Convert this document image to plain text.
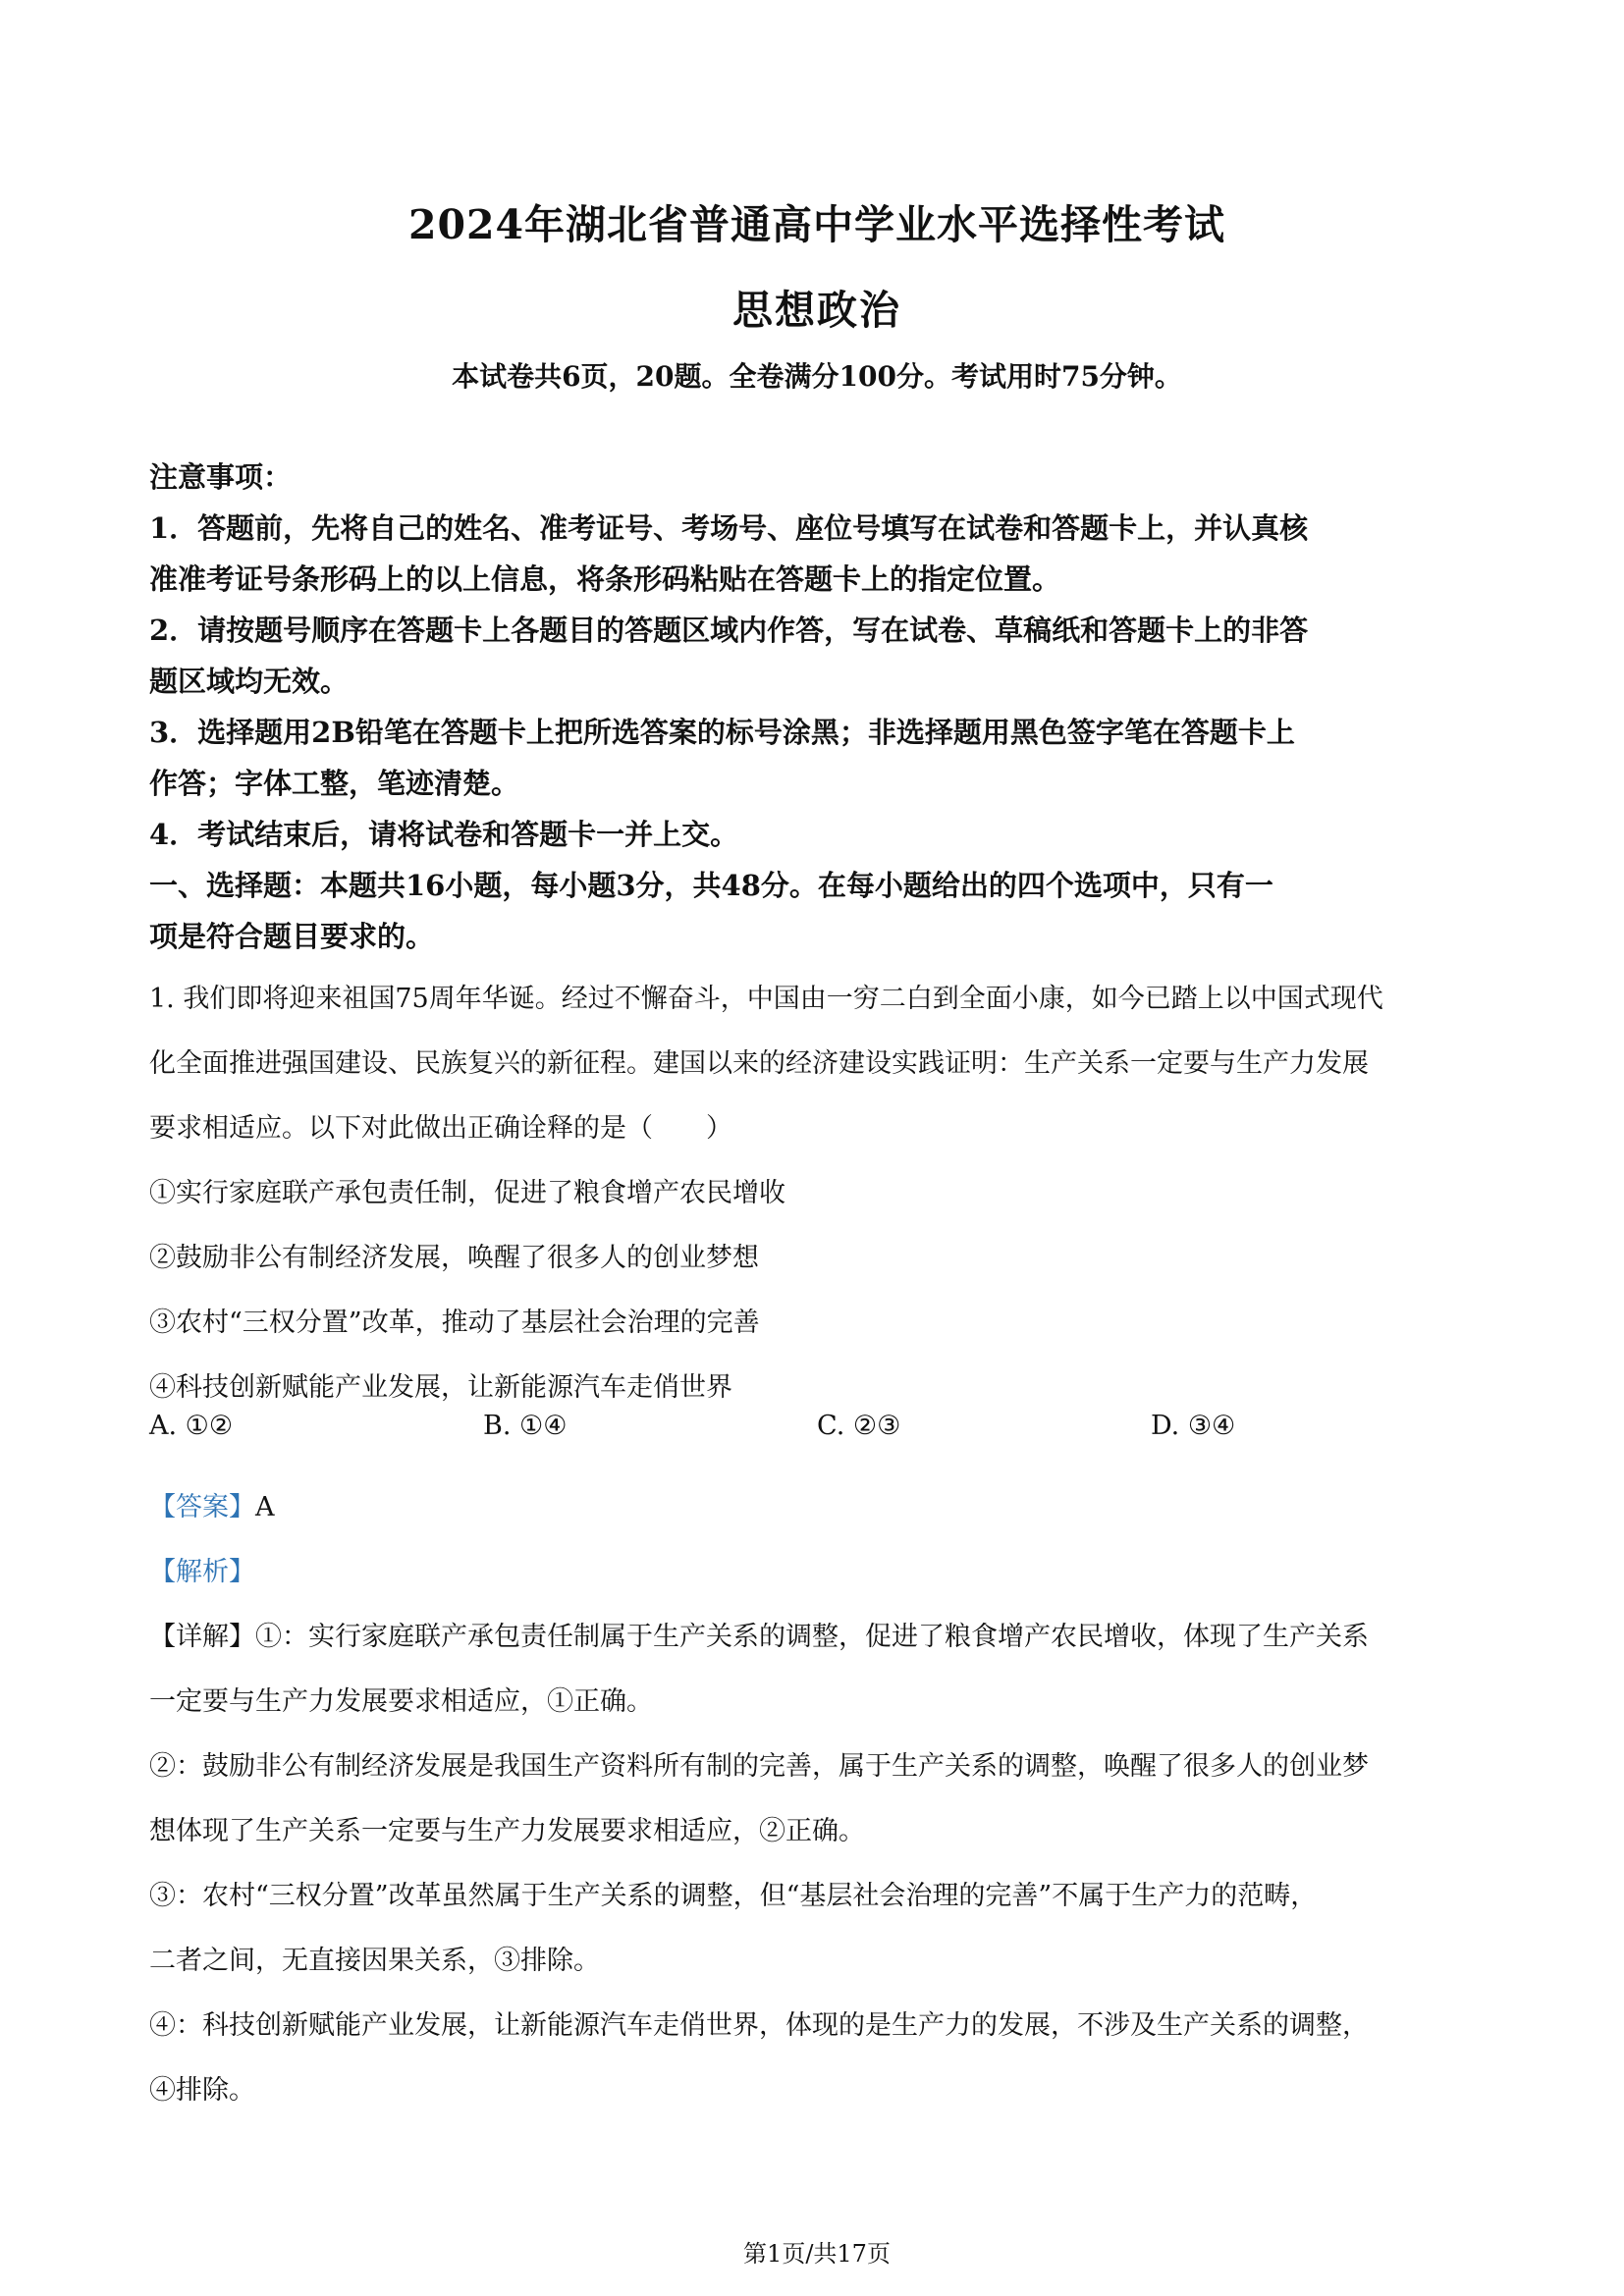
2024年湖北省普通高中学业水平选择性考试
思想政治
本试卷共6页，20题。全卷满分100分。考试用时75分钟。
注意事项：
1．答题前，先将自己的姓名、准考证号、考场号、座位号填写在试卷和答题卡上，并认真核
准准考证号条形码上的以上信息，将条形码粘贴在答题卡上的指定位置。
2．请按题号顺序在答题卡上各题目的答题区域内作答，写在试卷、草稿纸和答题卡上的非答
题区域均无效。
3．选择题用2B铅笔在答题卡上把所选答案的标号涂黑；非选择题用黑色签字笔在答题卡上
作答；字体工整，笔迹清楚。
4．考试结束后，请将试卷和答题卡一并上交。
一、选择题：本题共16小题，每小题3分，共48分。在每小题给出的四个选项中，只有一
项是符合题目要求的。
1. 我们即将迎来祖国75周年华诞。经过不懈奋斗，中国由一穷二白到全面小康，如今已踏上以中国式现代
化全面推进强国建设、民族复兴的新征程。建国以来的经济建设实践证明：生产关系一定要与生产力发展
要求相适应。以下对此做出正确诠释的是（　　）
①实行家庭联产承包责任制，促进了粮食增产农民增收
②鼓励非公有制经济发展，唤醒了很多人的创业梦想
③农村“三权分置”改革，推动了基层社会治理的完善
④科技创新赋能产业发展，让新能源汽车走俏世界
A. ①②	B. ①④	C. ②③	D. ③④
【答案】A
【解析】
【详解】①：实行家庭联产承包责任制属于生产关系的调整，促进了粮食增产农民增收，体现了生产关系
一定要与生产力发展要求相适应，①正确。
②：鼓励非公有制经济发展是我国生产资料所有制的完善，属于生产关系的调整，唤醒了很多人的创业梦
想体现了生产关系一定要与生产力发展要求相适应，②正确。
③：农村“三权分置”改革虽然属于生产关系的调整，但“基层社会治理的完善”不属于生产力的范畴，
二者之间，无直接因果关系，③排除。
④：科技创新赋能产业发展，让新能源汽车走俏世界，体现的是生产力的发展，不涉及生产关系的调整，
④排除。
第1页/共17页
